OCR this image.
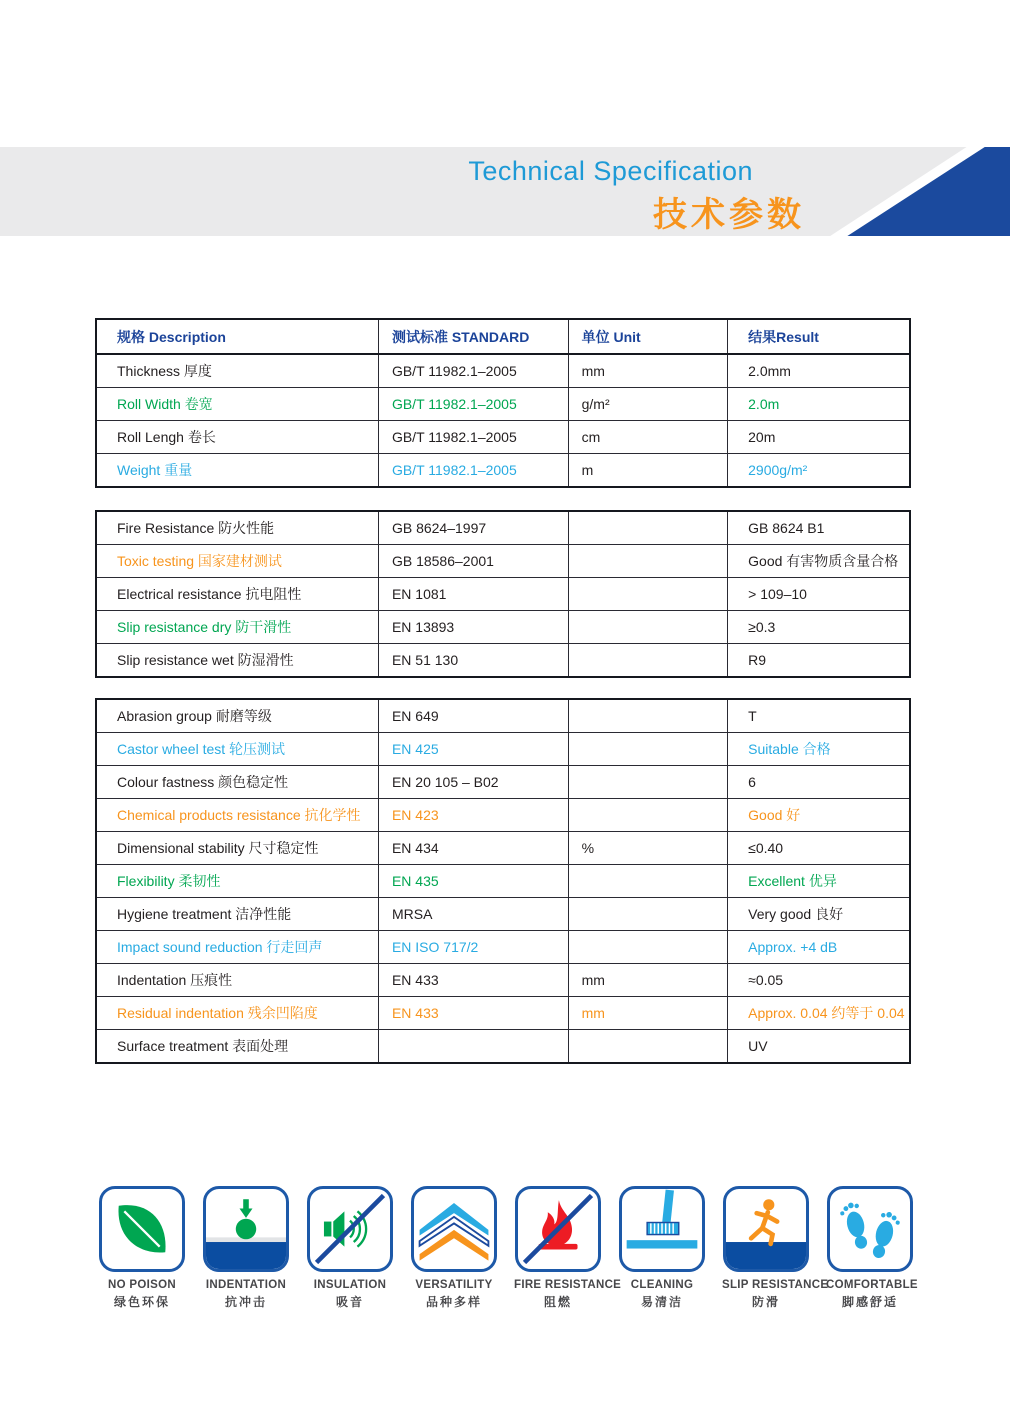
Technical Specification
技术参数
规格 Description	测试标准 STANDARD	单位 Unit	结果Result
Thickness 厚度	GB/T 11982.1–2005	mm	2.0mm
Roll Width 卷宽	GB/T 11982.1–2005	g/m²	2.0m
Roll Lengh 卷长	GB/T 11982.1–2005	cm	20m
Weight 重量	GB/T 11982.1–2005	m	2900g/m²
Fire Resistance 防火性能	GB 8624–1997		GB 8624 B1
Toxic testing 国家建材测试	GB 18586–2001		Good 有害物质含量合格
Electrical resistance 抗电阻性	EN 1081		> 109–10
Slip resistance dry 防干滑性	EN 13893		≥0.3
Slip resistance wet 防湿滑性	EN 51 130		R9
Abrasion group 耐磨等级	EN 649		T
Castor wheel test 轮压测试	EN 425		Suitable 合格
Colour fastness 颜色稳定性	EN 20 105 – B02		6
Chemical products resistance 抗化学性	EN 423		Good 好
Dimensional stability 尺寸稳定性	EN 434	%	≤0.40
Flexibility 柔韧性	EN 435		Excellent 优异
Hygiene treatment 洁净性能	MRSA		Very good 良好
Impact sound reduction 行走回声	EN ISO 717/2		Approx. +4 dB
Indentation 压痕性	EN 433	mm	≈0.05
Residual indentation 残余凹陷度	EN 433	mm	Approx. 0.04 约等于 0.04
Surface treatment 表面处理			UV
NO POISON
绿色环保
INDENTATION
抗冲击
INSULATION
吸音
VERSATILITY
品种多样
FIRE RESISTANCE
阻燃
CLEANING
易清洁
SLIP RESISTANCE
防滑
COMFORTABLE
脚感舒适
